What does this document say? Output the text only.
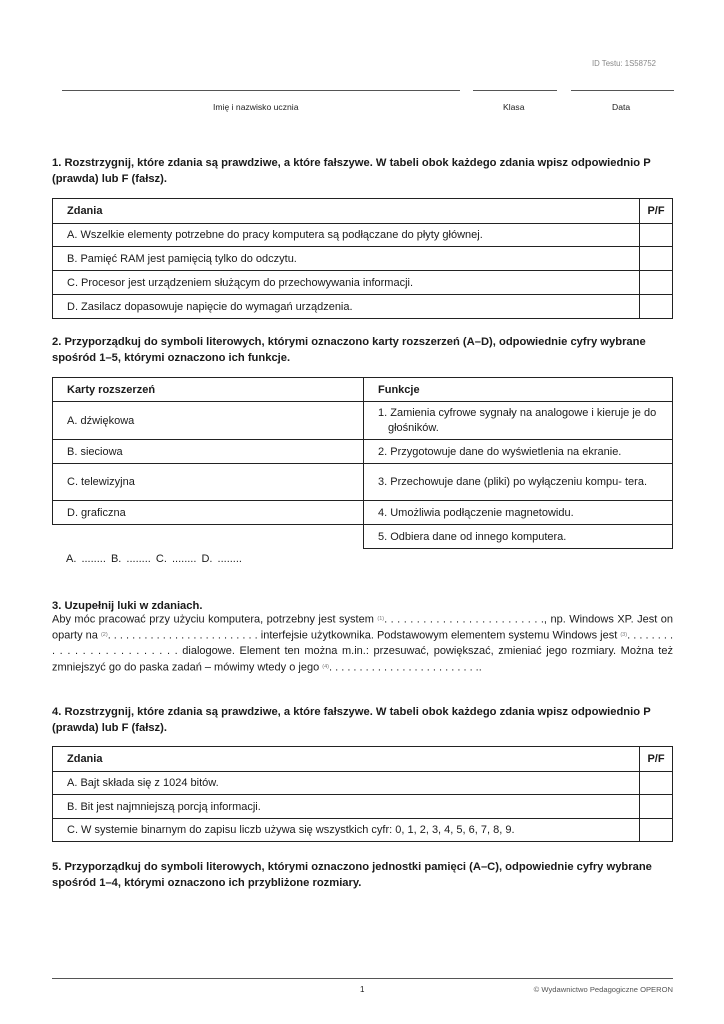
ID Testu: 1S58752
Imię i nazwisko ucznia	Klasa	Data
1. Rozstrzygnij, które zdania są prawdziwe, a które fałszywe. W tabeli obok każdego zdania wpisz odpowiednio P (prawda) lub F (fałsz).
Zdania	P/F
A. Wszelkie elementy potrzebne do pracy komputera są podłączane do płyty głównej.	
B. Pamięć RAM jest pamięcią tylko do odczytu.	
C. Procesor jest urządzeniem służącym do przechowywania informacji.	
D. Zasilacz dopasowuje napięcie do wymagań urządzenia.	
2. Przyporządkuj do symboli literowych, którymi oznaczono karty rozszerzeń (A–D), odpowiednie cyfry wybrane spośród 1–5, którymi oznaczono ich funkcje.
Karty rozszerzeń	Funkcje
A. dźwiękowa	1. Zamienia cyfrowe sygnały na analogowe i kieruje je do głośników.
B. sieciowa	2. Przygotowuje dane do wyświetlenia na ekranie.
C. telewizyjna	3. Przechowuje dane (pliki) po wyłączeniu kompu- tera.
D. graficzna	4. Umożliwia podłączenie magnetowidu.
	5. Odbiera dane od innego komputera.
A. ........ B. ........ C. ........ D. ........
3. Uzupełnij luki w zdaniach.
Aby móc pracować przy użyciu komputera, potrzebny jest system (1). . . . . . . . . . . . . . . . . . . . . . . . ., np. Windows XP. Jest on oparty na (2). . . . . . . . . . . . . . . . . . . . . . . . . interfejsie użytkownika. Podstawowym elementem systemu Windows jest (3). . . . . . . . . . . . . . . . . . . . . . . . . dialogowe. Element ten można m.in.: przesuwać, powiększać, zmieniać jego rozmiary. Można też zmniejszyć go do paska zadań – mówimy wtedy o jego (4). . . . . . . . . . . . . . . . . . . . . . . . ..
4. Rozstrzygnij, które zdania są prawdziwe, a które fałszywe. W tabeli obok każdego zdania wpisz odpowiednio P (prawda) lub F (fałsz).
Zdania	P/F
A. Bajt składa się z 1024 bitów.	
B. Bit jest najmniejszą porcją informacji.	
C. W systemie binarnym do zapisu liczb używa się wszystkich cyfr: 0, 1, 2, 3, 4, 5, 6, 7, 8, 9.	
5. Przyporządkuj do symboli literowych, którymi oznaczono jednostki pamięci (A–C), odpowiednie cyfry wybrane spośród 1–4, którymi oznaczono ich przybliżone rozmiary.
1	© Wydawnictwo Pedagogiczne OPERON
